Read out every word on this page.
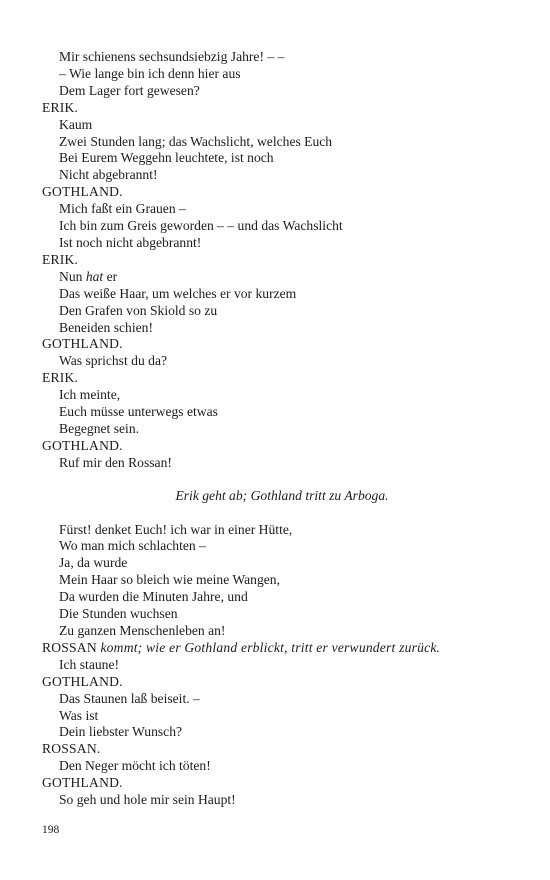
Mir schienens sechsundsiebzig Jahre! – –
– Wie lange bin ich denn hier aus
Dem Lager fort gewesen?
ERIK.
Kaum
Zwei Stunden lang; das Wachslicht, welches Euch
Bei Eurem Weggehn leuchtete, ist noch
Nicht abgebrannt!
GOTHLAND.
Mich faßt ein Grauen –
Ich bin zum Greis geworden – – und das Wachslicht
Ist noch nicht abgebrannt!
ERIK.
Nun hat er
Das weiße Haar, um welches er vor kurzem
Den Grafen von Skiold so zu
Beneiden schien!
GOTHLAND.
Was sprichst du da?
ERIK.
Ich meinte,
Euch müsse unterwegs etwas
Begegnet sein.
GOTHLAND.
Ruf mir den Rossan!
Erik geht ab; Gothland tritt zu Arboga.
Fürst! denket Euch! ich war in einer Hütte,
Wo man mich schlachten –
Ja, da wurde
Mein Haar so bleich wie meine Wangen,
Da wurden die Minuten Jahre, und
Die Stunden wuchsen
Zu ganzen Menschenleben an!
ROSSAN kommt; wie er Gothland erblickt, tritt er verwundert zurück.
Ich staune!
GOTHLAND.
Das Staunen laß beiseit. –
Was ist
Dein liebster Wunsch?
ROSSAN.
Den Neger möcht ich töten!
GOTHLAND.
So geh und hole mir sein Haupt!
198
